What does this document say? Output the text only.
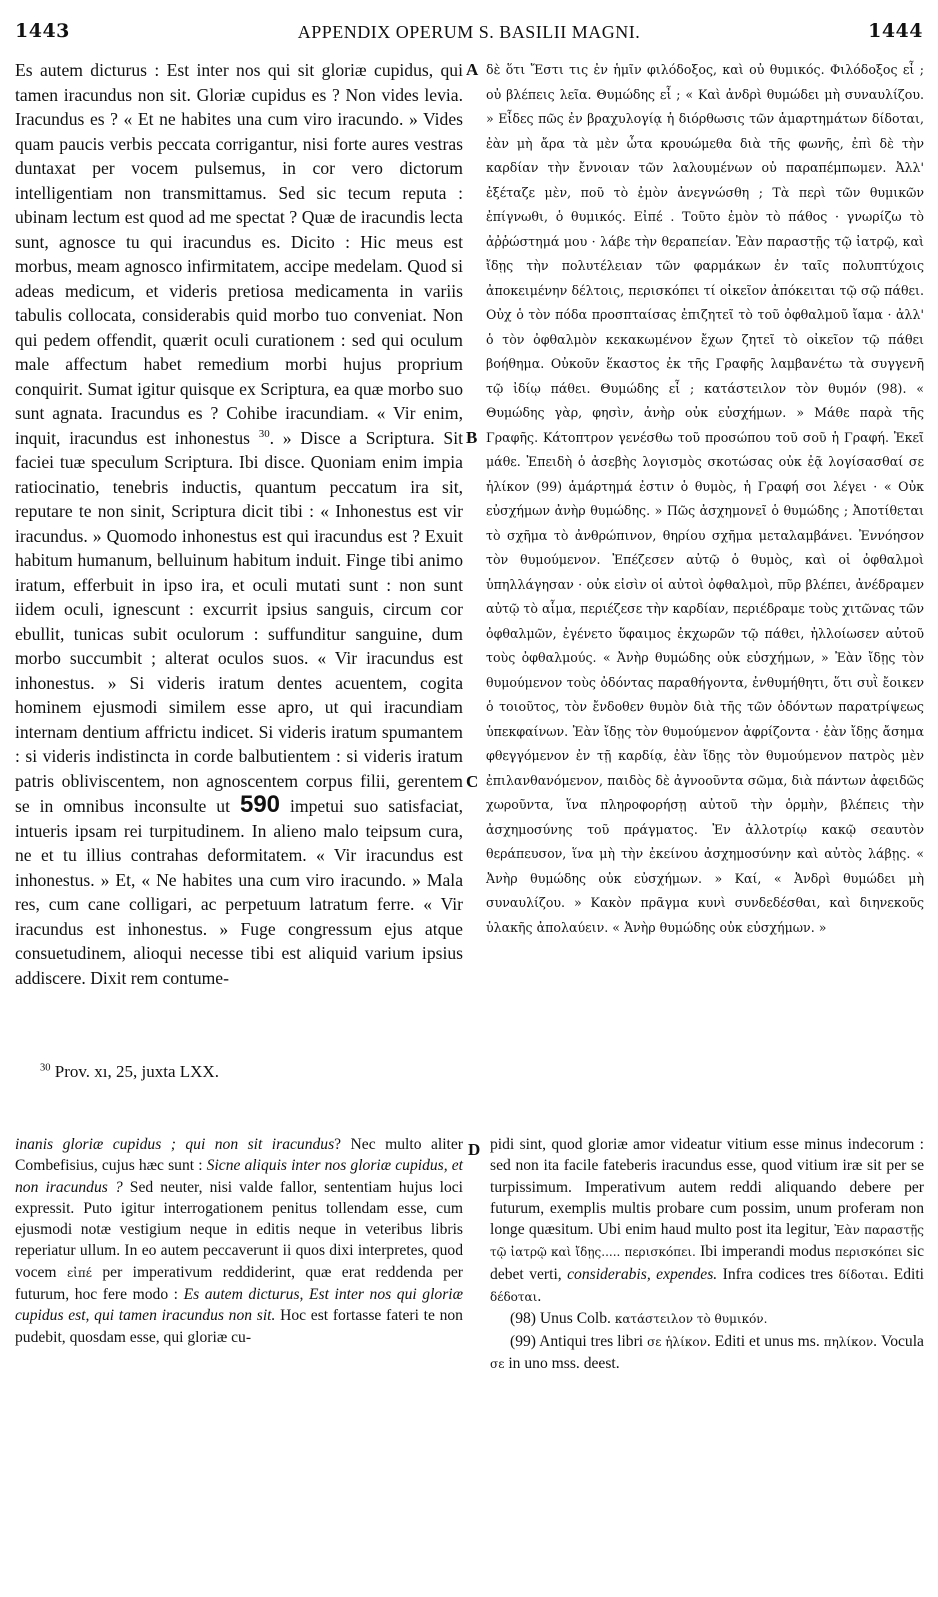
1443	APPENDIX OPERUM S. BASILII MAGNI.	1444

Es autem dicturus : Est inter nos qui sit gloriæ cupidus, qui tamen iracundus non sit. Gloriæ cupidus es ? Non vides levia. Iracundus es ? « Et ne habites una cum viro iracundo. » Vides quam paucis verbis peccata corrigantur, nisi forte aures vestras duntaxat per vocem pulsemus, in cor vero dictorum intelligentiam non transmittamus. Sed sic tecum reputa : ubinam lectum est quod ad me spectat ? Quæ de iracundis lecta sunt, agnosce tu qui iracundus es. Dicito : Hic meus est morbus, meam agnosco infirmitatem, accipe medelam. Quod si adeas medicum, et videris pretiosa medicamenta in variis tabulis collocata, considerabis quid morbo tuo conveniat. Non qui pedem offendit, quærit oculi curationem : sed qui oculum male affectum habet remedium morbi hujus proprium conquirit. Sumat igitur quisque ex Scriptura, ea quæ morbo suo sunt agnata. Iracundus es ? Cohibe iracundiam. « Vir enim, inquit, iracundus est inhonestus $^{30}$. » Disce a Scriptura. Sit faciei tuæ speculum Scriptura. Ibi disce. Quoniam enim impia ratiocinatio, tenebris inductis, quantum peccatum ira sit, reputare te non sinit, Scriptura dicit tibi : « Inhonestus est vir iracundus. » Quomodo inhonestus est qui iracundus est ? Exuit habitum humanum, belluinum habitum induit. Finge tibi animo iratum, efferbuit in ipso ira, et oculi mutati sunt : non sunt iidem oculi, ignescunt : excurrit ipsius sanguis, circum cor ebullit, tunicas subit oculorum : suffunditur sanguine, dum morbo succumbit ; alterat oculos suos. « Vir iracundus est inhonestus. » Si videris iratum dentes acuentem, cogita hominem ejusmodi similem esse apro, ut qui iracundiam internam dentium affrictu indicet. Si videris iratum spumantem : si videris indistincta in corde balbutientem : si videris iratum patris obliviscentem, non agnoscentem corpus filii, gerentem se in omnibus inconsulte ut 590 impetui suo satisfaciat, intueris ipsam rei turpitudinem. In alieno malo teipsum cura, ne et tu illius contrahas deformitatem. « Vir iracundus est inhonestus. » Et, « Ne habites una cum viro iracundo. » Mala res, cum cane colligari, ac perpetuum latratum ferre. « Vir iracundus est inhonestus. » Fuge congressum ejus atque consuetudinem, alioqui necesse tibi est aliquid varium ipsius addiscere. Dixit rem contume-

A
B
C
D

δὲ ὅτι Ἔστι τις ἐν ἡμῖν φιλόδοξος, καὶ οὐ θυμικός. Φιλόδοξος εἶ ; οὐ βλέπεις λεῖα. Θυμώδης εἶ ; « Καὶ ἀνδρὶ θυμώδει μὴ συναυλίζου. » Εἶδες πῶς ἐν βραχυλογίᾳ ἡ διόρθωσις τῶν ἁμαρτημάτων δίδοται, ἐὰν μὴ ἄρα τὰ μὲν ὦτα κρουώμεθα διὰ τῆς φωνῆς, ἐπὶ δὲ τὴν καρδίαν τὴν ἔννοιαν τῶν λαλουμένων οὐ παραπέμπωμεν. Ἀλλ' ἐξέταζε μὲν, ποῦ τὸ ἐμὸν ἀνεγνώσθη ; Τὰ περὶ τῶν θυμικῶν ἐπίγνωθι, ὁ θυμικός. Εἰπέ . Τοῦτο ἐμὸν τὸ πάθος · γνωρίζω τὸ ἀῤῥώστημά μου · λάβε τὴν θεραπείαν. Ἐὰν παραστῇς τῷ ἰατρῷ, καὶ ἴδῃς τὴν πολυτέλειαν τῶν φαρμάκων ἐν ταῖς πολυπτύχοις ἀποκειμένην δέλτοις, περισκόπει τί οἰκεῖον ἀπόκειται τῷ σῷ πάθει. Οὐχ ὁ τὸν πόδα προσπταίσας ἐπιζητεῖ τὸ τοῦ ὀφθαλμοῦ ἴαμα · ἀλλ' ὁ τὸν ὀφθαλμὸν κεκακωμένον ἔχων ζητεῖ τὸ οἰκεῖον τῷ πάθει βοήθημα. Οὐκοῦν ἕκαστος ἐκ τῆς Γραφῆς λαμβανέτω τὰ συγγενῆ τῷ ἰδίῳ πάθει. Θυμώδης εἶ ; κατάστειλον τὸν θυμόν (98). « Θυμώδης γὰρ, φησὶν, ἀνὴρ οὐκ εὐσχήμων. » Μάθε παρὰ τῆς Γραφῆς. Κάτοπτρον γενέσθω τοῦ προσώπου τοῦ σοῦ ἡ Γραφή. Ἐκεῖ μάθε. Ἐπειδὴ ὁ ἀσεβὴς λογισμὸς σκοτώσας οὐκ ἐᾷ λογίσασθαί σε ἡλίκον (99) ἁμάρτημά ἐστιν ὁ θυμὸς, ἡ Γραφή σοι λέγει · « Οὐκ εὐσχήμων ἀνὴρ θυμώδης. » Πῶς ἀσχημονεῖ ὁ θυμώδης ; Ἀποτίθεται τὸ σχῆμα τὸ ἀνθρώπινον, θηρίου σχῆμα μεταλαμβάνει. Ἐννόησον τὸν θυμούμενον. Ἐπέζεσεν αὐτῷ ὁ θυμὸς, καὶ οἱ ὀφθαλμοὶ ὑπηλλάγησαν · οὐκ εἰσὶν οἱ αὐτοὶ ὀφθαλμοὶ, πῦρ βλέπει, ἀνέδραμεν αὐτῷ τὸ αἷμα, περιέζεσε τὴν καρδίαν, περιέδραμε τοὺς χιτῶνας τῶν ὀφθαλμῶν, ἐγένετο ὕφαιμος ἐκχωρῶν τῷ πάθει, ἠλλοίωσεν αὐτοῦ τοὺς ὀφθαλμούς. « Ἀνὴρ θυμώδης οὐκ εὐσχήμων, » Ἐὰν ἴδῃς τὸν θυμούμενον τοὺς ὀδόντας παραθήγοντα, ἐνθυμήθητι, ὅτι συῒ ἔοικεν ὁ τοιοῦτος, τὸν ἔνδοθεν θυμὸν διὰ τῆς τῶν ὀδόντων παρατρίψεως ὑπεκφαίνων. Ἐὰν ἴδῃς τὸν θυμούμενον ἀφρίζοντα · ἐὰν ἴδῃς ἄσημα φθεγγόμενον ἐν τῇ καρδίᾳ, ἐὰν ἴδῃς τὸν θυμούμενον πατρὸς μὲν ἐπιλανθανόμενον, παιδὸς δὲ ἀγνοοῦντα σῶμα, διὰ πάντων ἀφειδῶς χωροῦντα, ἵνα πληροφορήσῃ αὐτοῦ τὴν ὁρμὴν, βλέπεις τὴν ἀσχημοσύνης τοῦ πράγματος. Ἐν ἀλλοτρίῳ κακῷ σεαυτὸν θεράπευσον, ἵνα μὴ τὴν ἐκείνου ἀσχημοσύνην καὶ αὐτὸς λάβῃς. « Ἀνὴρ θυμώδης οὐκ εὐσχήμων. » Καί, « Ἀνδρὶ θυμώδει μὴ συναυλίζου. » Κακὸν πρᾶγμα κυνὶ συνδεδέσθαι, καὶ διηνεκοῦς ὑλακῆς ἀπολαύειν. « Ἀνὴρ θυμώδης οὐκ εὐσχήμων. »

$^{30}$ Prov. xı, 25, juxta LXX.

inanis gloriæ cupidus ; qui non sit iracundus? Nec multo aliter Combefisius, cujus hæc sunt : Sicne aliquis inter nos gloriæ cupidus, et non iracundus ? Sed neuter, nisi valde fallor, sententiam hujus loci expressit. Puto igitur interrogationem penitus tollendam esse, cum ejusmodi notæ vestigium neque in editis neque in veteribus libris reperiatur ullum. In eo autem peccaverunt ii quos dixi interpretes, quod vocem εἰπέ per imperativum reddiderint, quæ erat reddenda per futurum, hoc fere modo : Es autem dicturus, Est inter nos qui gloriæ cupidus est, qui tamen iracundus non sit. Hoc est fortasse fateri te non pudebit, quosdam esse, qui gloriæ cu-

pidi sint, quod gloriæ amor videatur vitium esse minus indecorum : sed non ita facile fateberis iracundus esse, quod vitium iræ sit per se turpissimum. Imperativum autem reddi aliquando debere per futurum, exemplis multis probare cum possim, unum proferam non longe quæsitum. Ubi enim haud multo post ita legitur, Ἐὰν παραστῇς τῷ ἰατρῷ καὶ ἴδῃς..... περισκόπει. Ibi imperandi modus περισκόπει sic debet verti, considerabis, expendes. Infra codices tres δίδοται. Editi δέδοται.
(98) Unus Colb. κατάστειλον τὸ θυμικόν.
(99) Antiqui tres libri σε ἡλίκον. Editi et unus ms. πηλίκον. Vocula σε in uno mss. deest.
